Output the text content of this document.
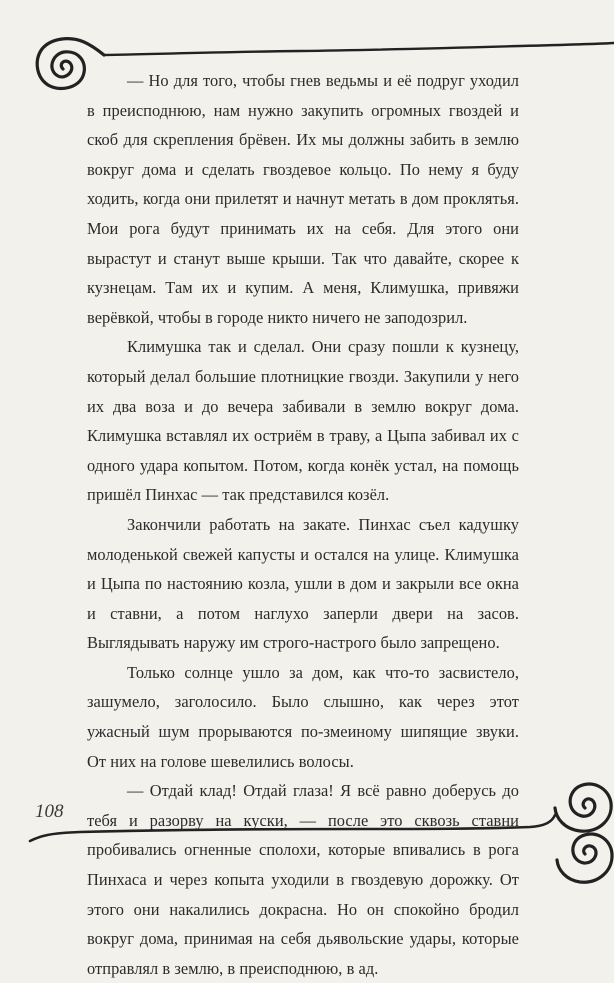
— Но для того, чтобы гнев ведьмы и её подруг уходил в преисподнюю, нам нужно закупить огромных гвоздей и скоб для скрепления брёвен. Их мы должны забить в землю вокруг дома и сделать гвоздевое кольцо. По нему я буду ходить, когда они прилетят и начнут метать в дом проклятья. Мои рога будут принимать их на себя. Для этого они вырастут и станут выше крыши. Так что давайте, скорее к кузнецам. Там их и купим. А меня, Климушка, привяжи верёвкой, чтобы в городе никто ничего не заподозрил.

Климушка так и сделал. Они сразу пошли к кузнецу, который делал большие плотницкие гвозди. Закупили у него их два воза и до вечера забивали в землю вокруг дома. Климушка вставлял их остриём в траву, а Цыпа забивал их с одного удара копытом. Потом, когда конёк устал, на помощь пришёл Пинхас — так представился козёл.

Закончили работать на закате. Пинхас съел кадушку молоденькой свежей капусты и остался на улице. Климушка и Цыпа по настоянию козла, ушли в дом и закрыли все окна и ставни, а потом наглухо заперли двери на засов. Выглядывать наружу им строго-настрого было запрещено.

Только солнце ушло за дом, как что-то засвистело, зашумело, заголосило. Было слышно, как через этот ужасный шум прорываются по-змеиному шипящие звуки. От них на голове шевелились волосы.

— Отдай клад! Отдай глаза! Я всё равно доберусь до тебя и разорву на куски, — после это сквозь ставни пробивались огненные сполохи, которые впивались в рога Пинхаса и через копыта уходили в гвоздевую дорожку. От этого они накалились докрасна. Но он спокойно бродил вокруг дома, принимая на себя дьявольские удары, которые отправлял в землю, в преисподнюю, в ад.

108
